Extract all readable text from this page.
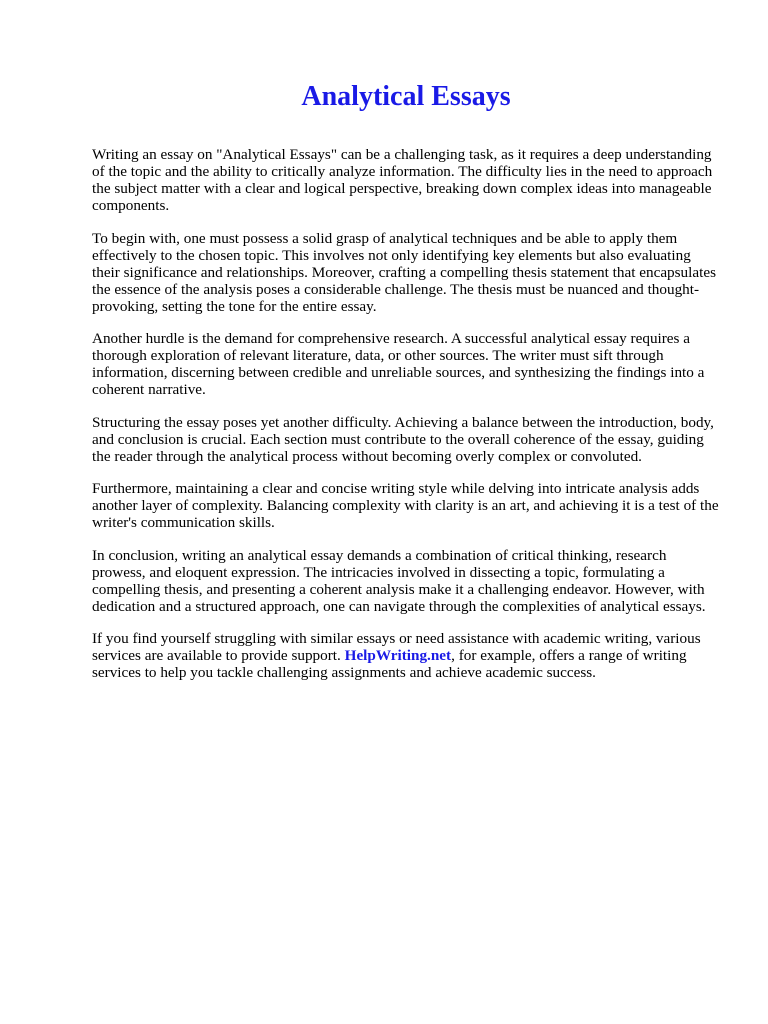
Analytical Essays

Writing an essay on "Analytical Essays" can be a challenging task, as it requires a deep understanding of the topic and the ability to critically analyze information. The difficulty lies in the need to approach the subject matter with a clear and logical perspective, breaking down complex ideas into manageable components.

To begin with, one must possess a solid grasp of analytical techniques and be able to apply them effectively to the chosen topic. This involves not only identifying key elements but also evaluating their significance and relationships. Moreover, crafting a compelling thesis statement that encapsulates the essence of the analysis poses a considerable challenge. The thesis must be nuanced and thought-provoking, setting the tone for the entire essay.

Another hurdle is the demand for comprehensive research. A successful analytical essay requires a thorough exploration of relevant literature, data, or other sources. The writer must sift through information, discerning between credible and unreliable sources, and synthesizing the findings into a coherent narrative.

Structuring the essay poses yet another difficulty. Achieving a balance between the introduction, body, and conclusion is crucial. Each section must contribute to the overall coherence of the essay, guiding the reader through the analytical process without becoming overly complex or convoluted.

Furthermore, maintaining a clear and concise writing style while delving into intricate analysis adds another layer of complexity. Balancing complexity with clarity is an art, and achieving it is a test of the writer's communication skills.

In conclusion, writing an analytical essay demands a combination of critical thinking, research prowess, and eloquent expression. The intricacies involved in dissecting a topic, formulating a compelling thesis, and presenting a coherent analysis make it a challenging endeavor. However, with dedication and a structured approach, one can navigate through the complexities of analytical essays.

If you find yourself struggling with similar essays or need assistance with academic writing, various services are available to provide support. HelpWriting.net, for example, offers a range of writing services to help you tackle challenging assignments and achieve academic success.
